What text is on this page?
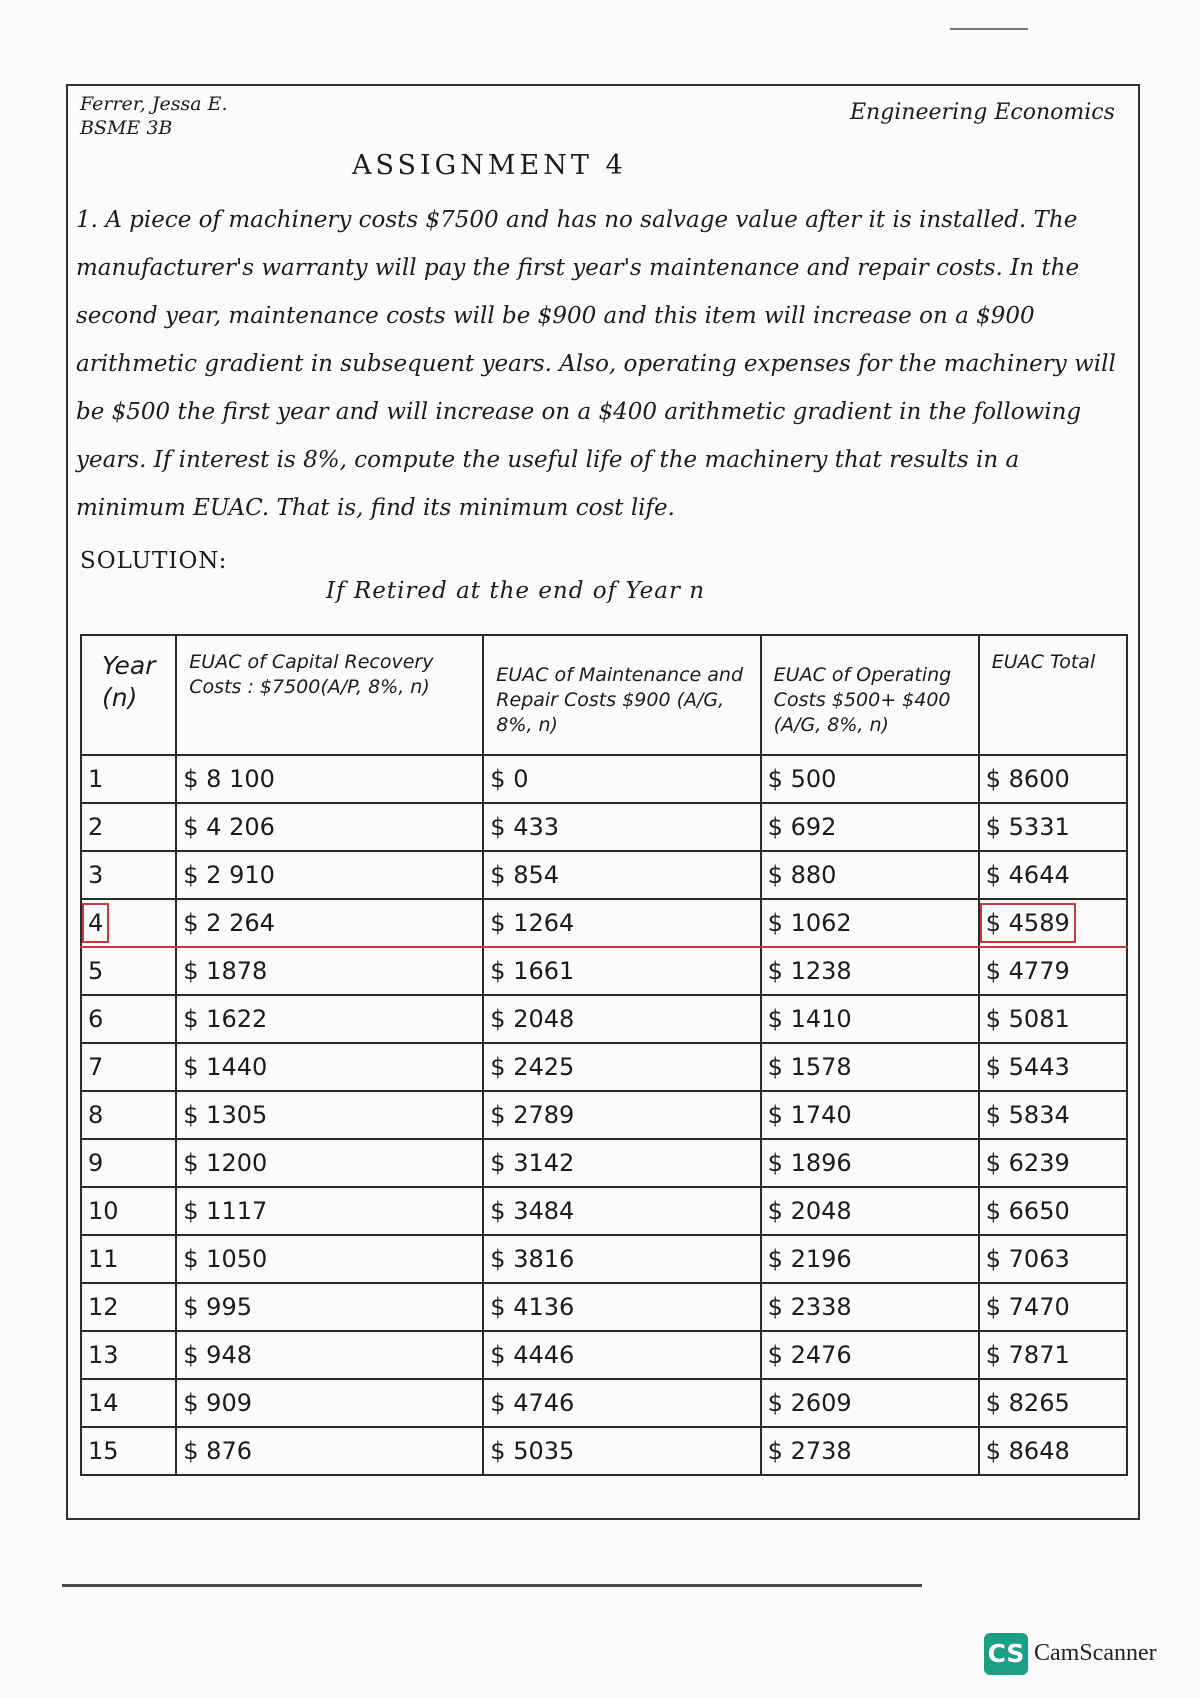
Ferrer, Jessa E.
BSME 3B
Engineering Economics
ASSIGNMENT 4
1. A piece of machinery costs $7500 and has no salvage value after it is installed. The manufacturer's warranty will pay the first year's maintenance and repair costs. In the second year, maintenance costs will be $900 and this item will increase on a $900 arithmetic gradient in subsequent years. Also, operating expenses for the machinery will be $500 the first year and will increase on a $400 arithmetic gradient in the following years. If interest is 8%, compute the useful life of the machinery that results in a minimum EUAC. That is, find its minimum cost life.
SOLUTION:
If Retired at the end of Year n
Year (n)	EUAC of Capital Recovery Costs : $7500(A/P, 8%, n)	EUAC of Maintenance and Repair Costs $900 (A/G, 8%, n)	EUAC of Operating Costs $500+ $400 (A/G, 8%, n)	EUAC Total
1	$ 8 100	$ 0	$ 500	$ 8600
2	$ 4 206	$ 433	$ 692	$ 5331
3	$ 2 910	$ 854	$ 880	$ 4644
4	$ 2 264	$ 1264	$ 1062	$ 4589
5	$ 1878	$ 1661	$ 1238	$ 4779
6	$ 1622	$ 2048	$ 1410	$ 5081
7	$ 1440	$ 2425	$ 1578	$ 5443
8	$ 1305	$ 2789	$ 1740	$ 5834
9	$ 1200	$ 3142	$ 1896	$ 6239
10	$ 1117	$ 3484	$ 2048	$ 6650
11	$ 1050	$ 3816	$ 2196	$ 7063
12	$ 995	$ 4136	$ 2338	$ 7470
13	$ 948	$ 4446	$ 2476	$ 7871
14	$ 909	$ 4746	$ 2609	$ 8265
15	$ 876	$ 5035	$ 2738	$ 8648
CS CamScanner
